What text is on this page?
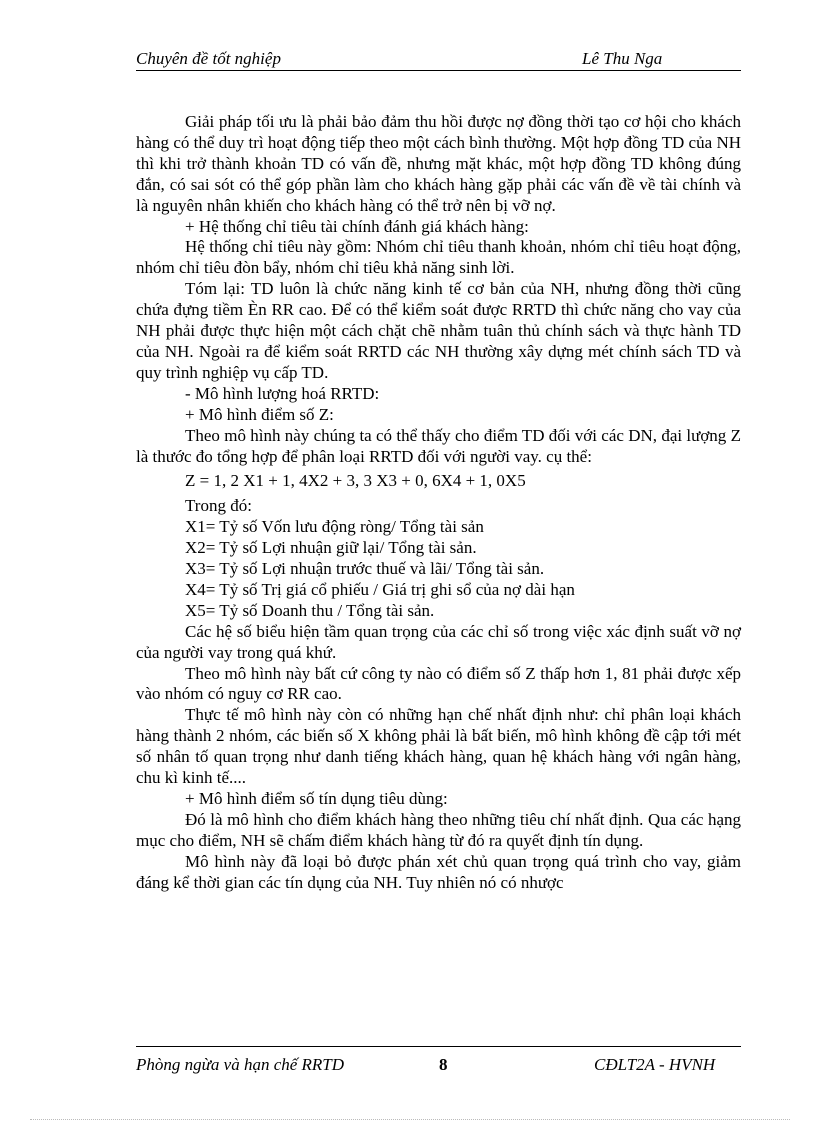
Chuyên đề tốt nghiệp	Lê Thu Nga

Giải pháp tối ưu là phải bảo đảm thu hồi được nợ đồng thời tạo cơ hội cho khách hàng có thể duy trì hoạt động tiếp theo một cách bình thường. Một hợp đồng TD của NH thì khi trở thành khoản TD có vấn đề, nhưng mặt khác, một hợp đồng TD không đúng đắn, có sai sót có thể góp phần làm cho khách hàng gặp phải các vấn đề về tài chính và là nguyên nhân khiến cho khách hàng có thể trở nên bị vỡ nợ.

+ Hệ thống chỉ tiêu tài chính đánh giá khách hàng:

Hệ thống chỉ tiêu này gồm: Nhóm chỉ tiêu thanh khoản, nhóm chỉ tiêu hoạt động, nhóm chỉ tiêu đòn bẩy, nhóm chỉ tiêu khả năng sinh lời.

Tóm lại: TD luôn là chức năng kinh tế cơ bản của NH, nhưng đồng thời cũng chứa đựng tiềm Èn RR cao. Để có thể kiểm soát được RRTD thì chức năng cho vay của NH phải được thực hiện một cách chặt chẽ nhằm tuân thủ chính sách và thực hành TD của NH. Ngoài ra để kiểm soát RRTD các NH thường xây dựng mét chính sách TD và quy trình nghiệp vụ cấp TD.

- Mô hình lượng hoá RRTD:

+ Mô hình điểm số Z:

Theo mô hình này chúng ta có thể thấy cho điểm TD đối với các DN, đại lượng Z là thước đo tổng hợp để phân loại RRTD đối với người vay. cụ thể:

Z = 1, 2 X1 + 1, 4X2 + 3, 3 X3 + 0, 6X4 + 1, 0X5

Trong đó:

X1= Tỷ số Vốn lưu động ròng/ Tổng tài sản

X2= Tỷ số Lợi nhuận giữ lại/ Tổng tài sản.

X3= Tỷ số Lợi nhuận trước thuế và lãi/ Tổng tài sản.

X4= Tỷ số Trị giá cổ phiếu / Giá trị ghi sổ của nợ dài hạn

X5= Tỷ số Doanh thu / Tổng tài sản.

Các hệ số biểu hiện tầm quan trọng của các chỉ số trong việc xác định suất vỡ nợ của người vay trong quá khứ.

Theo mô hình này bất cứ công ty nào có điểm số Z thấp hơn 1, 81 phải được xếp vào nhóm có nguy cơ RR cao.

Thực tế mô hình này còn có những hạn chế nhất định như: chỉ phân loại khách hàng thành 2 nhóm, các biến số X không phải là bất biến, mô hình không đề cập tới mét số nhân tố quan trọng như danh tiếng khách hàng, quan hệ khách hàng với ngân hàng, chu kì kinh tế....

+ Mô hình điểm số tín dụng tiêu dùng:

Đó là mô hình cho điểm khách hàng theo những tiêu chí nhất định. Qua các hạng mục cho điểm, NH sẽ chấm điểm khách hàng từ đó ra quyết định tín dụng.

Mô hình này đã loại bỏ được phán xét chủ quan trọng quá trình cho vay, giảm đáng kể thời gian các tín dụng của NH. Tuy nhiên nó có nhược

Phòng ngừa và hạn chế RRTD	8	CĐLT2A - HVNH
